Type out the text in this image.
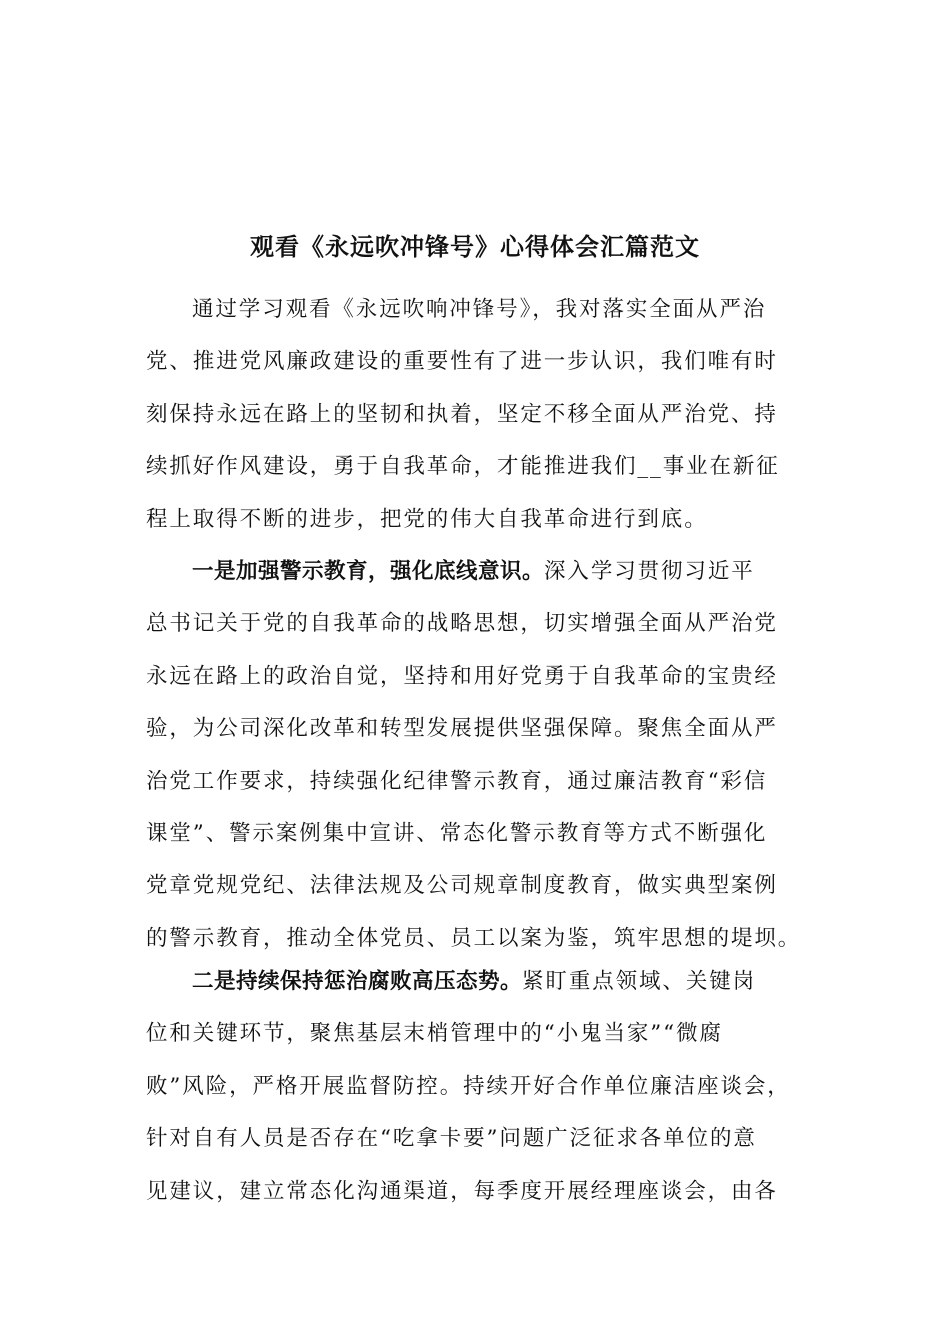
观看《永远吹冲锋号》心得体会汇篇范文
通过学习观看《永远吹响冲锋号》，我对落实全面从严治
党、推进党风廉政建设的重要性有了进一步认识，我们唯有时
刻保持永远在路上的坚韧和执着，坚定不移全面从严治党、持
续抓好作风建设，勇于自我革命，才能推进我们__事业在新征
程上取得不断的进步，把党的伟大自我革命进行到底。
一是加强警示教育，强化底线意识。深入学习贯彻习近平
总书记关于党的自我革命的战略思想，切实增强全面从严治党
永远在路上的政治自觉，坚持和用好党勇于自我革命的宝贵经
验，为公司深化改革和转型发展提供坚强保障。聚焦全面从严
治党工作要求，持续强化纪律警示教育，通过廉洁教育“彩信
课堂”、警示案例集中宣讲、常态化警示教育等方式不断强化
党章党规党纪、法律法规及公司规章制度教育，做实典型案例
的警示教育，推动全体党员、员工以案为鉴，筑牢思想的堤坝。
二是持续保持惩治腐败高压态势。紧盯重点领域、关键岗
位和关键环节，聚焦基层末梢管理中的“小鬼当家”“微腐
败”风险，严格开展监督防控。持续开好合作单位廉洁座谈会，
针对自有人员是否存在“吃拿卡要”问题广泛征求各单位的意
见建议，建立常态化沟通渠道，每季度开展经理座谈会，由各
